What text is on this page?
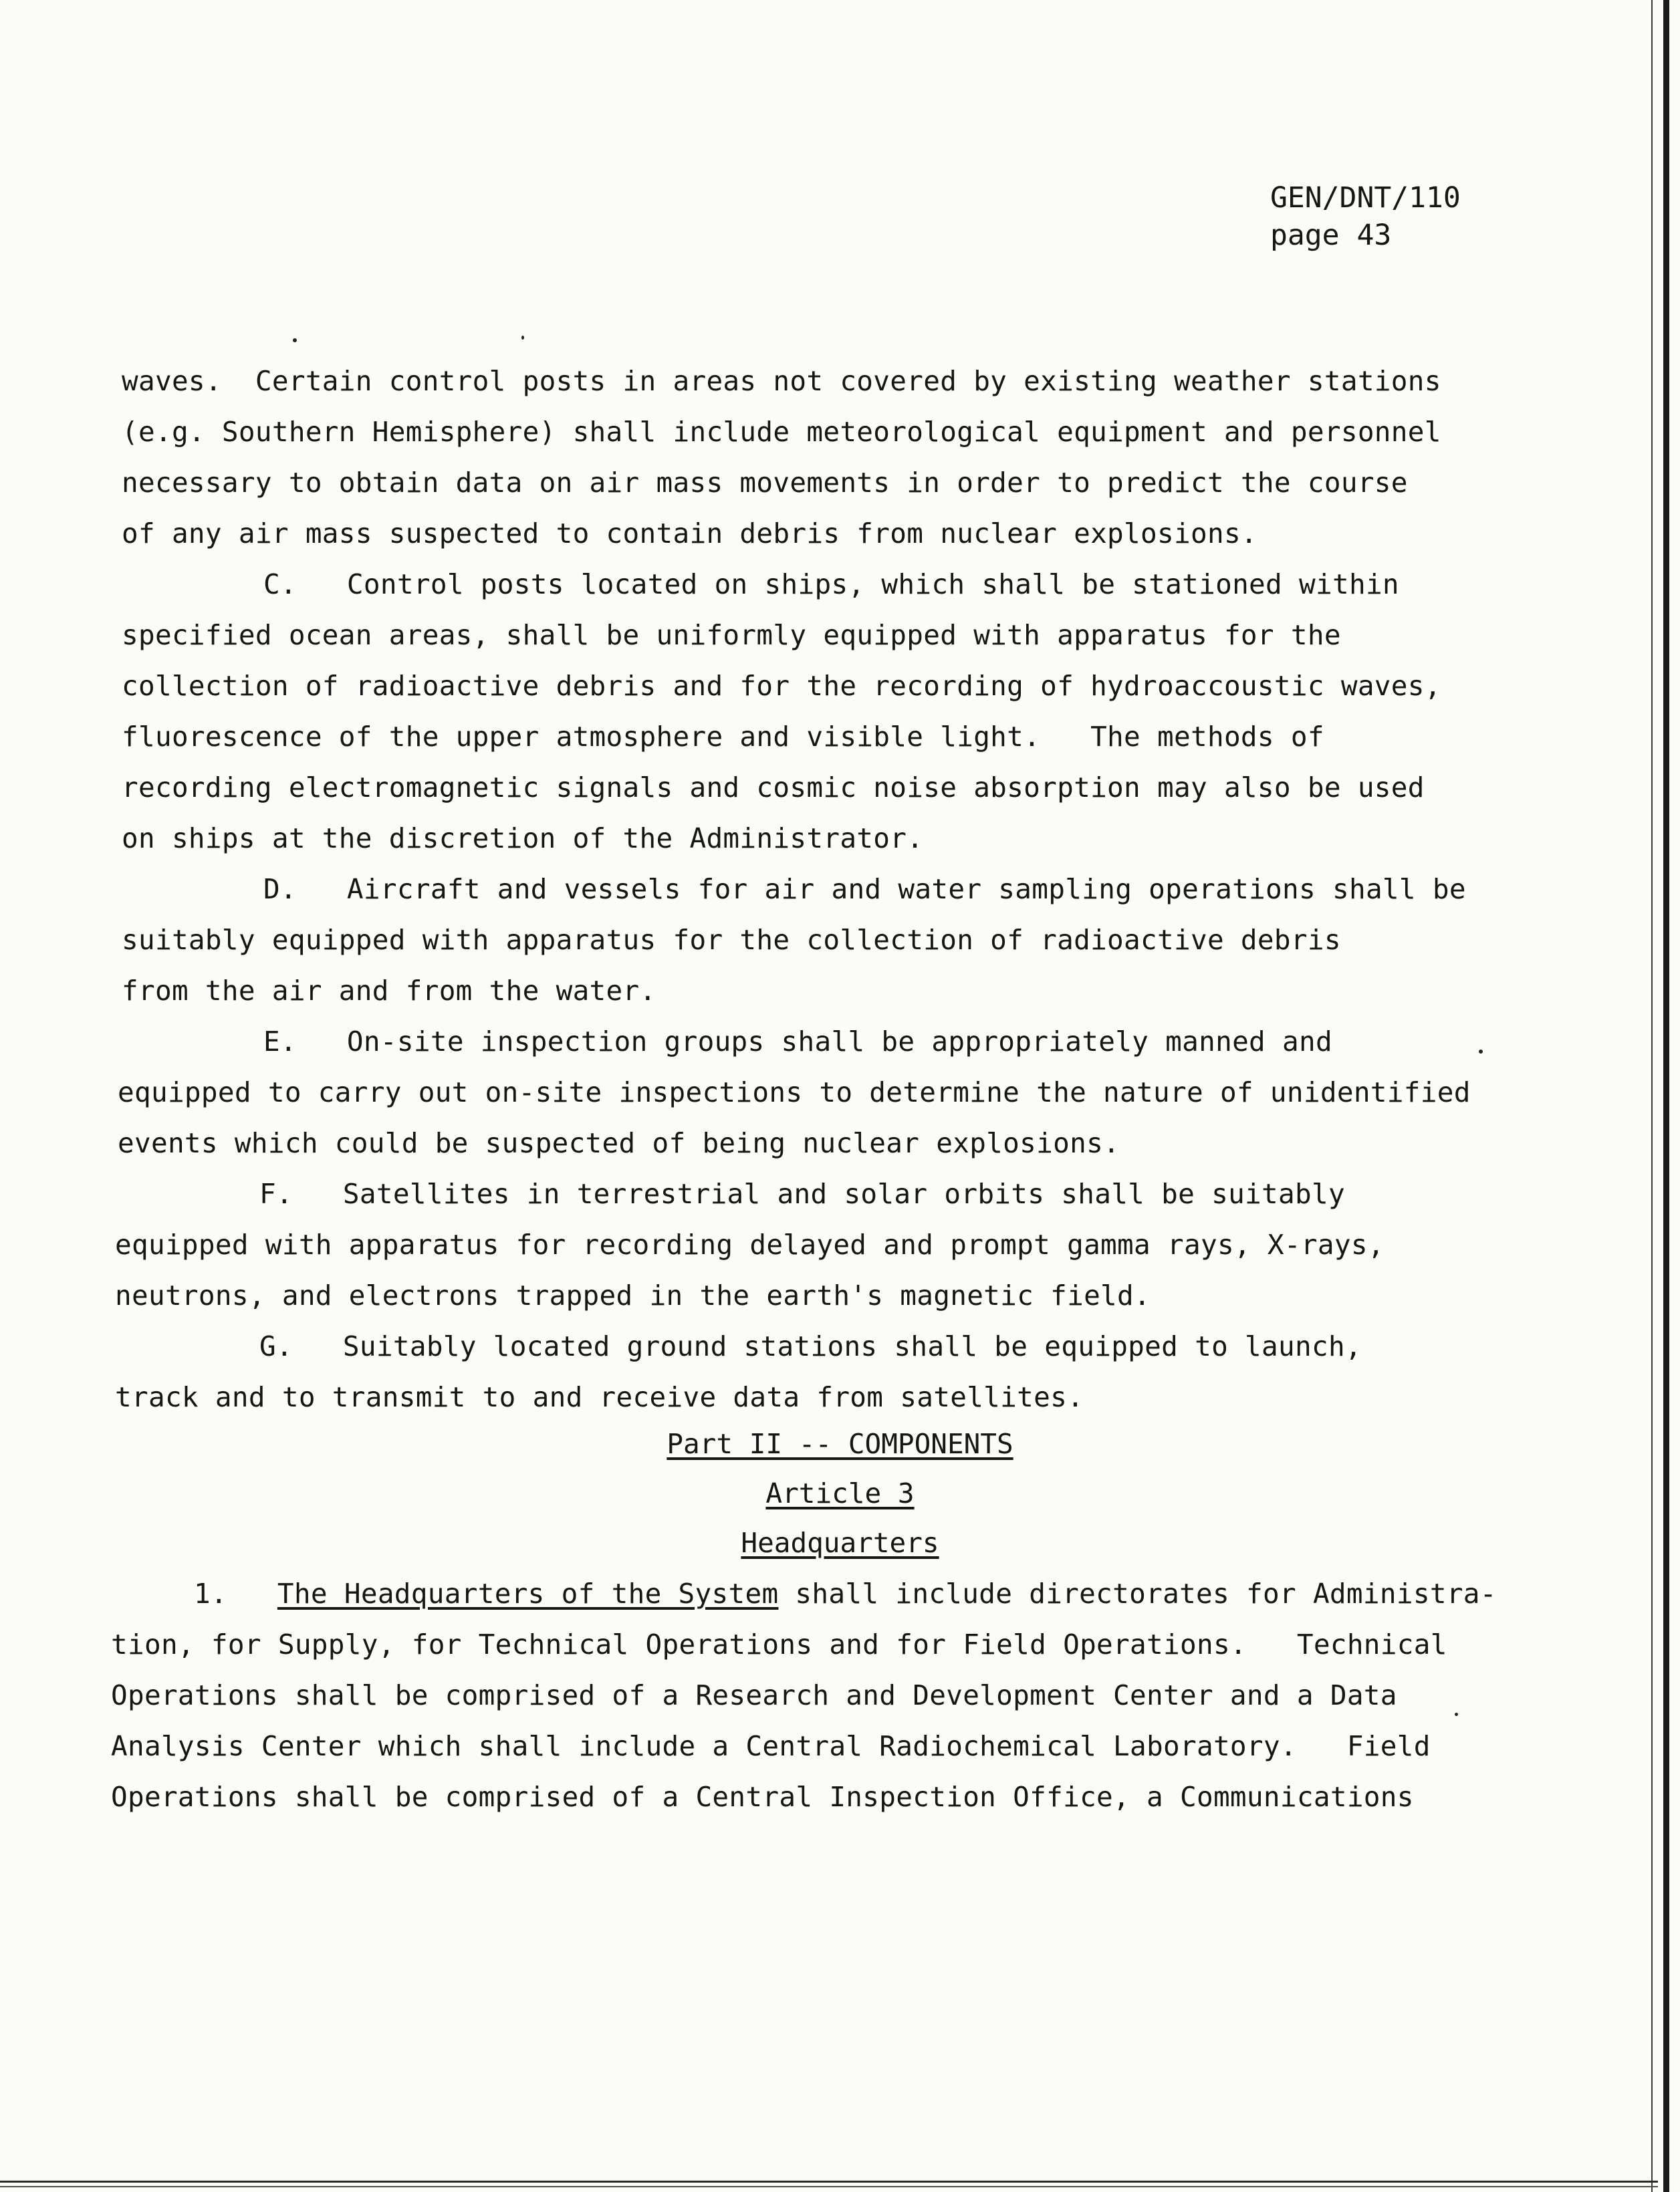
GEN/DNT/110
page 43
waves.  Certain control posts in areas not covered by existing weather stations
(e.g. Southern Hemisphere) shall include meteorological equipment and personnel
necessary to obtain data on air mass movements in order to predict the course
of any air mass suspected to contain debris from nuclear explosions.
C.   Control posts located on ships, which shall be stationed within
specified ocean areas, shall be uniformly equipped with apparatus for the
collection of radioactive debris and for the recording of hydroaccoustic waves,
fluorescence of the upper atmosphere and visible light.   The methods of
recording electromagnetic signals and cosmic noise absorption may also be used
on ships at the discretion of the Administrator.
D.   Aircraft and vessels for air and water sampling operations shall be
suitably equipped with apparatus for the collection of radioactive debris
from the air and from the water.
E.   On-site inspection groups shall be appropriately manned and
equipped to carry out on-site inspections to determine the nature of unidentified
events which could be suspected of being nuclear explosions.
F.   Satellites in terrestrial and solar orbits shall be suitably
equipped with apparatus for recording delayed and prompt gamma rays, X-rays,
neutrons, and electrons trapped in the earth's magnetic field.
G.   Suitably located ground stations shall be equipped to launch,
track and to transmit to and receive data from satellites.
Part II -- COMPONENTS
Article 3
Headquarters
1. The Headquarters of the System shall include directorates for Administra-
tion, for Supply, for Technical Operations and for Field Operations.   Technical
Operations shall be comprised of a Research and Development Center and a Data
Analysis Center which shall include a Central Radiochemical Laboratory.   Field
Operations shall be comprised of a Central Inspection Office, a Communications
